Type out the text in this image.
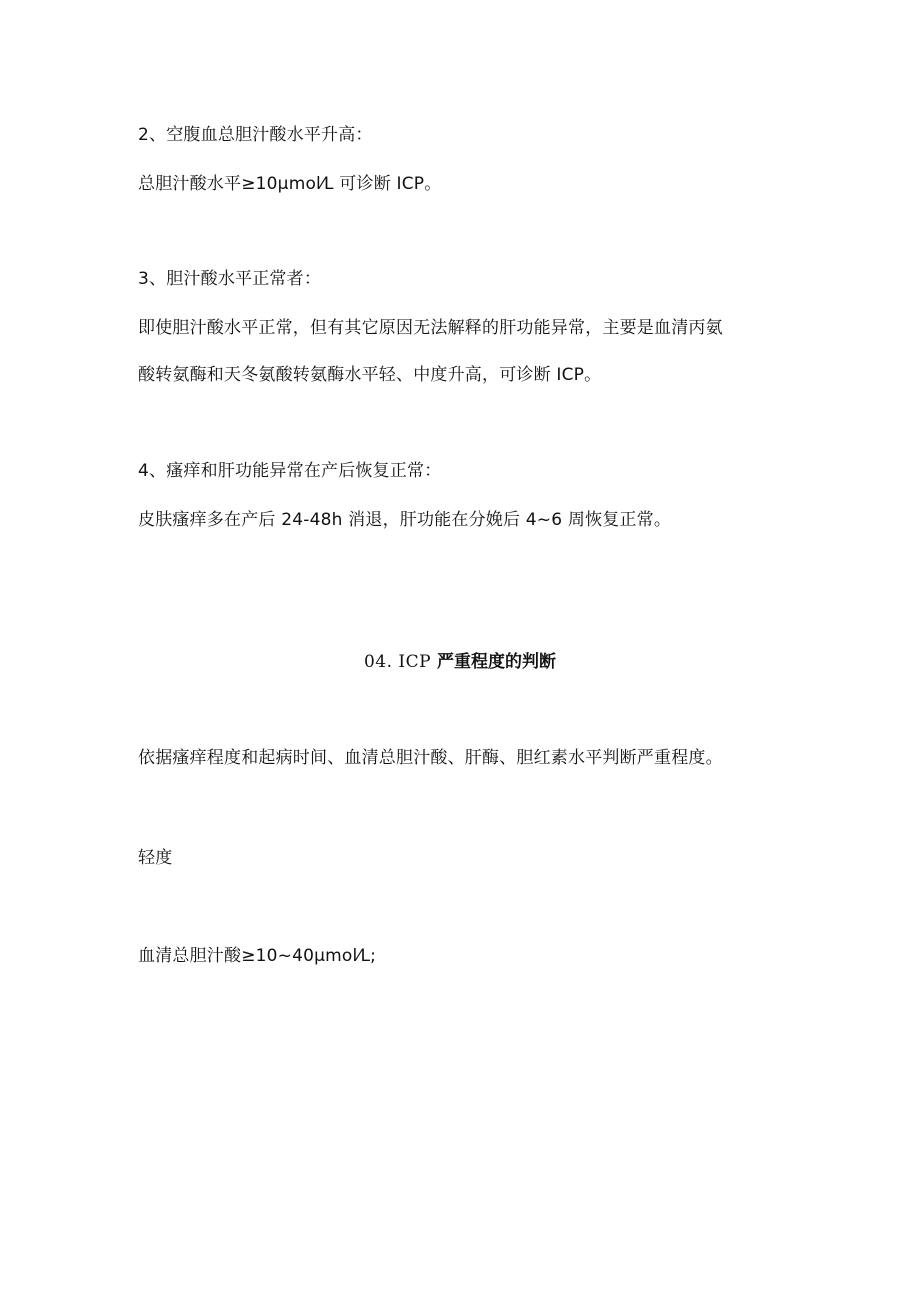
2、空腹血总胆汁酸水平升高：
总胆汁酸水平≥10μmol⁄L 可诊断 ICP。
3、胆汁酸水平正常者：
即使胆汁酸水平正常，但有其它原因无法解释的肝功能异常，主要是血清丙氨
酸转氨酶和天冬氨酸转氨酶水平轻、中度升高，可诊断 ICP。
4、瘙痒和肝功能异常在产后恢复正常：
皮肤瘙痒多在产后 24-48h 消退，肝功能在分娩后 4~6 周恢复正常。
04. ICP 严重程度的判断
依据瘙痒程度和起病时间、血清总胆汁酸、肝酶、胆红素水平判断严重程度。
轻度
血清总胆汁酸≥10~40μmol⁄L;
